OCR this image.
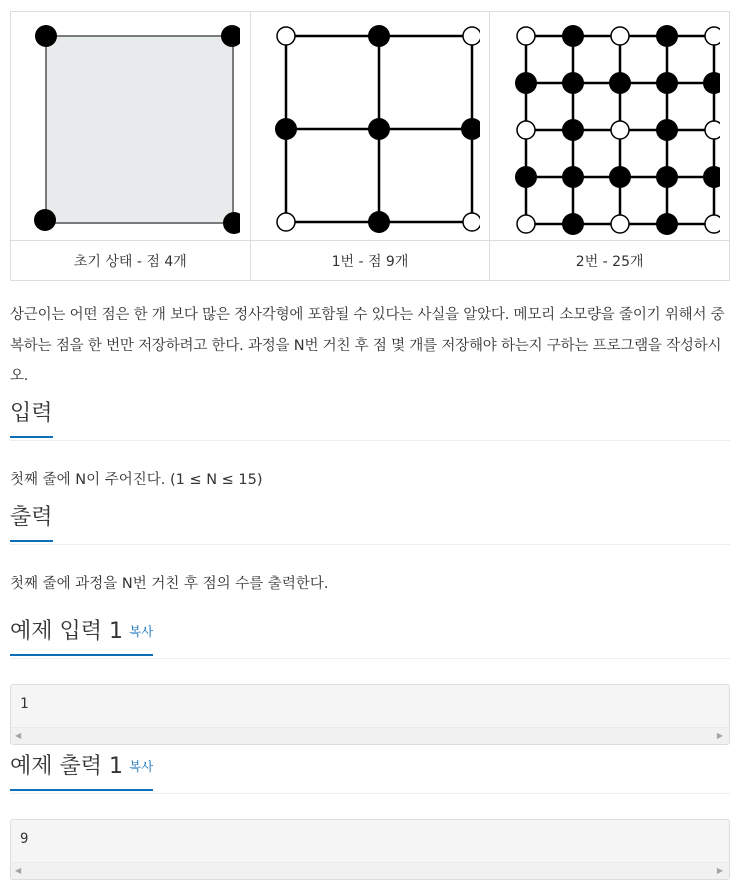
초기 상태 - 점 4개	1번 - 점 9개	2번 - 25개

상근이는 어떤 점은 한 개 보다 많은 정사각형에 포함될 수 있다는 사실을 알았다. 메모리 소모량을 줄이기 위해서 중복하는 점을 한 번만 저장하려고 한다. 과정을 N번 거친 후 점 몇 개를 저장해야 하는지 구하는 프로그램을 작성하시오.

입력
첫째 줄에 N이 주어진다. (1 ≤ N ≤ 15)
출력
첫째 줄에 과정을 N번 거친 후 점의 수를 출력한다.
예제 입력 1 복사
1
◀	▶
예제 출력 1 복사
9
◀	▶
